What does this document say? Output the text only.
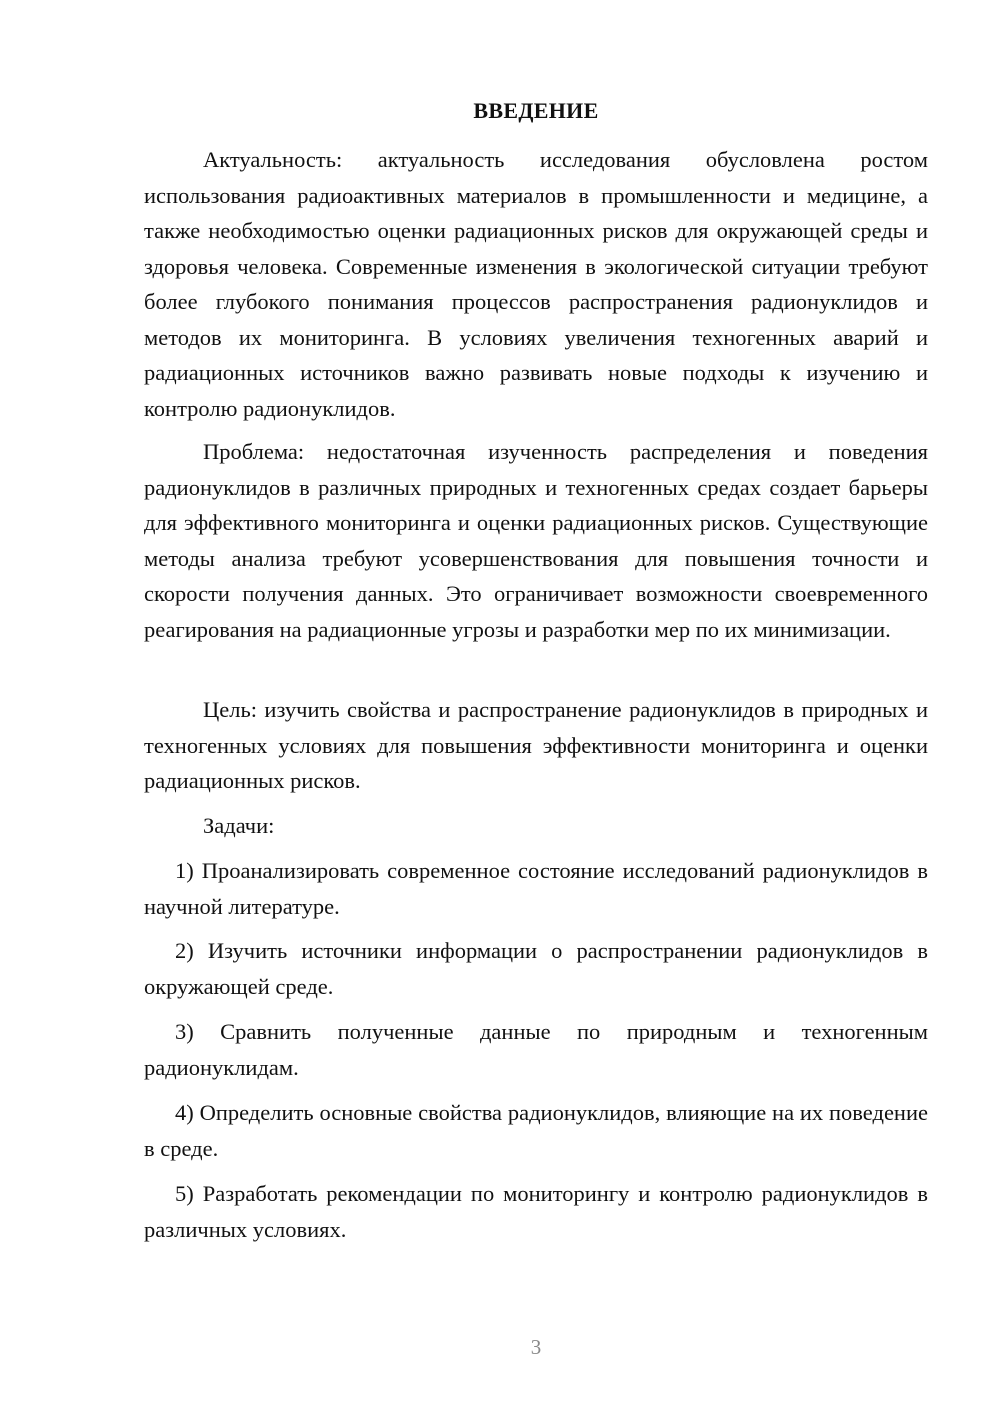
ВВЕДЕНИЕ

Актуальность: актуальность исследования обусловлена ростом использования радиоактивных материалов в промышленности и медицине, а также необходимостью оценки радиационных рисков для окружающей среды и здоровья человека. Современные изменения в экологической ситуации требуют более глубокого понимания процессов распространения радионуклидов и методов их мониторинга. В условиях увеличения техногенных аварий и радиационных источников важно развивать новые подходы к изучению и контролю радионуклидов.

Проблема: недостаточная изученность распределения и поведения радионуклидов в различных природных и техногенных средах создает барьеры для эффективного мониторинга и оценки радиационных рисков. Существующие методы анализа требуют усовершенствования для повышения точности и скорости получения данных. Это ограничивает возможности своевременного реагирования на радиационные угрозы и разработки мер по их минимизации.

Цель: изучить свойства и распространение радионуклидов в природных и техногенных условиях для повышения эффективности мониторинга и оценки радиационных рисков.

Задачи:

1) Проанализировать современное состояние исследований радионуклидов в научной литературе.

2) Изучить источники информации о распространении радионуклидов в окружающей среде.

3) Сравнить полученные данные по природным и техногенным радионуклидам.

4) Определить основные свойства радионуклидов, влияющие на их поведение в среде.

5) Разработать рекомендации по мониторингу и контролю радионуклидов в различных условиях.

3
